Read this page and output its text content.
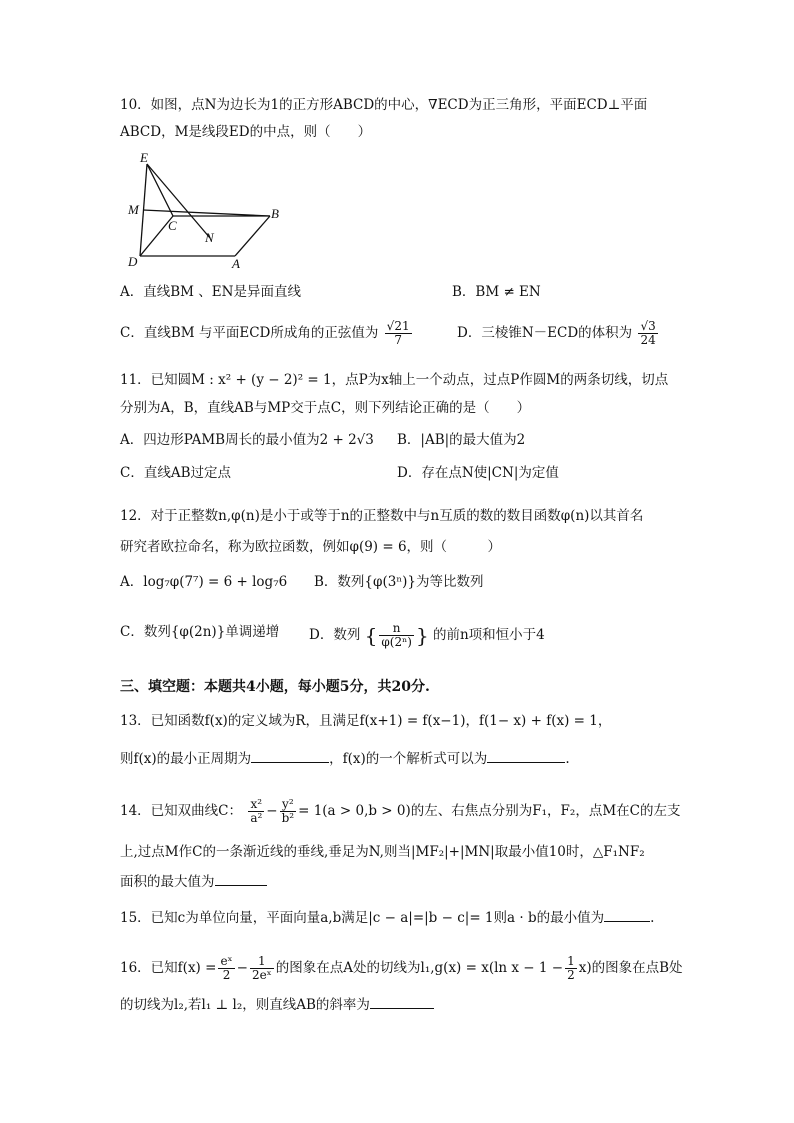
10．如图，点N为边长为1的正方形ABCD的中心，∇ECD为正三角形，平面ECD⊥平面
ABCD，M是线段ED的中点，则（　　）
E
M
C
N
B
D	A
A．直线BM 、EN是异面直线	B．BM ≠ EN
C．直线BM 与平面ECD所成角的正弦值为 $\frac{√21}{7}$	D．三棱锥N－ECD的体积为 $\frac{√3}{24}$
11．已知圆M : x² + (y − 2)² = 1，点P为x轴上一个动点，过点P作圆M的两条切线，切点
分别为A，B，直线AB与MP交于点C，则下列结论正确的是（　　）
A．四边形PAMB周长的最小值为2 + 2√3 B．|AB|的最大值为2
C．直线AB过定点	D．存在点N使|CN|为定值
12．对于正整数n,φ(n)是小于或等于n的正整数中与n互质的数的数目函数φ(n)以其首名
研究者欧拉命名，称为欧拉函数，例如φ(9) = 6，则（　　　）
A．log₇φ(7⁷) = 6 + log₇6 B．数列{φ(3ⁿ)}为等比数列
C．数列{φ(2n)}单调递增 D．数列 { $\frac{n}{\text{φ(2ⁿ)}}$ } 的前n项和恒小于4
三、填空题：本题共4小题，每小题5分，共20分.
13．已知函数f(x)的定义域为R，且满足f(x+1) = f(x−1)，f(1− x) + f(x) = 1，
则f(x)的最小正周期为	，f(x)的一个解析式可以为	.
14．已知双曲线C： $\frac{\text{x²}}{\text{a²}} - \frac{\text{y²}}{\text{b²}} = 1(a > 0,b > 0)$的左、右焦点分别为F₁，F₂，点M在C的左支
上,过点M作C的一条渐近线的垂线,垂足为N,则当|MF₂|+|MN|取最小值10时，△F₁NF₂
面积的最大值为
15．已知c为单位向量，平面向量a,b满足|c − a|=|b − c|= 1则a · b的最小值为	.
16．已知$f(x) = \frac{\text{eˣ}}{2} - \frac{1}{\text{2eˣ}}$ 的图象在点A处的切线为l₁,g(x) = x(ln $x - 1 - \frac{1}{2} x$)的图象在点B处
的切线为l₂,若l₁ ⊥ l₂，则直线AB的斜率为
